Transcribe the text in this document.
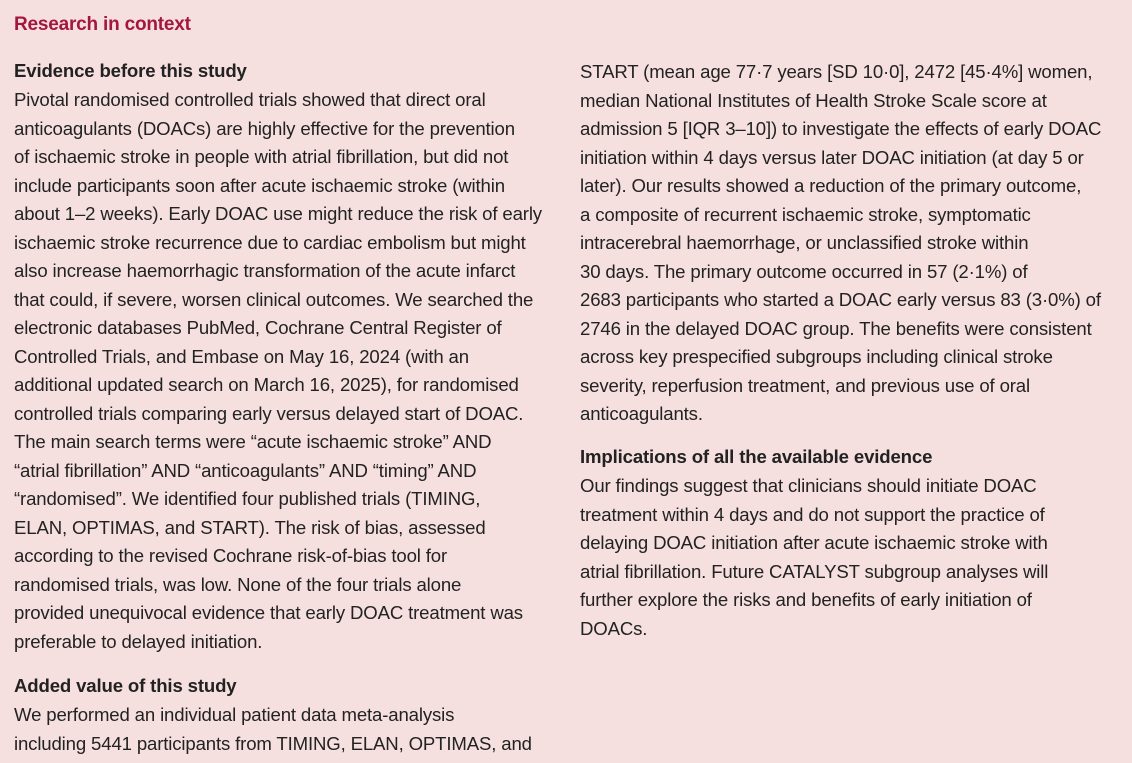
Research in context
Evidence before this study
Pivotal randomised controlled trials showed that direct oral
anticoagulants (DOACs) are highly effective for the prevention
of ischaemic stroke in people with atrial fibrillation, but did not
include participants soon after acute ischaemic stroke (within
about 1–2 weeks). Early DOAC use might reduce the risk of early
ischaemic stroke recurrence due to cardiac embolism but might
also increase haemorrhagic transformation of the acute infarct
that could, if severe, worsen clinical outcomes. We searched the
electronic databases PubMed, Cochrane Central Register of
Controlled Trials, and Embase on May 16, 2024 (with an
additional updated search on March 16, 2025), for randomised
controlled trials comparing early versus delayed start of DOAC.
The main search terms were “acute ischaemic stroke” AND
“atrial fibrillation” AND “anticoagulants” AND “timing” AND
“randomised”. We identified four published trials (TIMING,
ELAN, OPTIMAS, and START). The risk of bias, assessed
according to the revised Cochrane risk-of-bias tool for
randomised trials, was low. None of the four trials alone
provided unequivocal evidence that early DOAC treatment was
preferable to delayed initiation.
Added value of this study
We performed an individual patient data meta-analysis
including 5441 participants from TIMING, ELAN, OPTIMAS, and
START (mean age 77·7 years [SD 10·0], 2472 [45·4%] women,
median National Institutes of Health Stroke Scale score at
admission 5 [IQR 3–10]) to investigate the effects of early DOAC
initiation within 4 days versus later DOAC initiation (at day 5 or
later). Our results showed a reduction of the primary outcome,
a composite of recurrent ischaemic stroke, symptomatic
intracerebral haemorrhage, or unclassified stroke within
30 days. The primary outcome occurred in 57 (2·1%) of
2683 participants who started a DOAC early versus 83 (3·0%) of
2746 in the delayed DOAC group. The benefits were consistent
across key prespecified subgroups including clinical stroke
severity, reperfusion treatment, and previous use of oral
anticoagulants.
Implications of all the available evidence
Our findings suggest that clinicians should initiate DOAC
treatment within 4 days and do not support the practice of
delaying DOAC initiation after acute ischaemic stroke with
atrial fibrillation. Future CATALYST subgroup analyses will
further explore the risks and benefits of early initiation of
DOACs.
